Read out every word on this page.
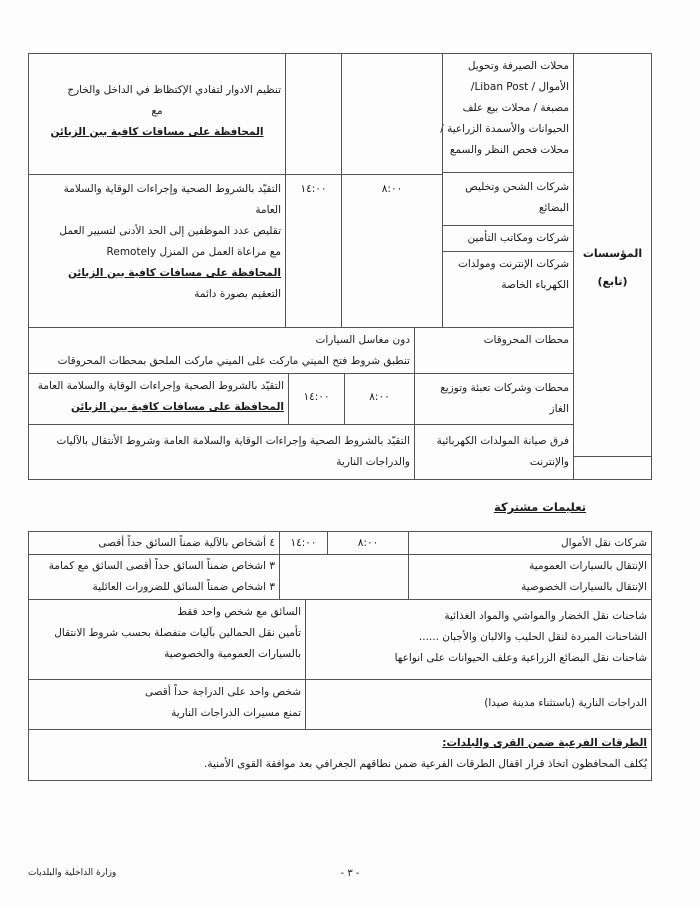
المؤسسات
(تابع)
محلات الصيرفة وتحويل
الأموال / Liban Post/
مصبغة / محلات بيع علف
الحيوانات والأسمدة الزراعية /
محلات فحص النظر والسمع
تنظيم الادوار لتفادي الإكتظاظ في الداخل والخارج
مع
المحافظة على مسافات كافية بين الزبائن
شركات الشحن وتخليص
البضائع
شركات ومكاتب التأمين
شركات الإنترنت ومولدات
الكهرباء الخاصة
٨:٠٠
١٤:٠٠
التقيّد بالشروط الصحية وإجراءات الوقاية والسلامة
العامة
تقليص عدد الموظفين إلى الحد الأدنى لتسيير العمل
مع مراعاة العمل من المنزل Remotely
المحافظة على مسافات كافية بين الزبائن
التعقيم بصورة دائمة
محطات المحروقات
دون مغاسل السيارات
تنطبق شروط فتح الميني ماركت على الميني ماركت الملحق بمحطات المحروقات
محطات وشركات تعبئة وتوزيع
الغاز
٨:٠٠
١٤:٠٠
التقيّد بالشروط الصحية وإجراءات الوقاية والسلامة العامة
المحافظة على مسافات كافية بين الزبائن
فرق صيانة المولدات الكهربائية
والإنترنت
التقيّد بالشروط الصحية وإجراءات الوقاية والسلامة العامة وشروط الأنتقال بالآليات
والدراجات النارية
تعليمات مشتركة
شركات نقل الأموال
٨:٠٠
١٤:٠٠
٤ أشخاص بالآلية ضمناً السائق حداً أقصى
الإنتقال بالسيارات العمومية
الإنتقال بالسيارات الخصوصية
٣ اشخاص ضمناً السائق حداً أقصى السائق مع كمامة
٣ اشخاص ضمناً السائق للضرورات العائلية
شاحنات نقل الخضار والمواشي والمواد الغذائية
الشاحنات المبردة لنقل الحليب والالبان والأجبان ......
شاحنات نقل البضائع الزراعية وعلف الحيوانات على انواعها
السائق مع شخص واحد فقط
تأمين نقل الحمالين بآليات منفصلة بحسب شروط الانتقال
بالسيارات العمومية والخصوصية
الدراجات النارية (باستثناء مدينة صيدا)
شخص واحد على الدراجة حداً أقصى
تمنع مسيرات الدراجات النارية
الطرقات الفرعية ضمن القرى والبلدات:
يُكلف المحافظون اتخاذ قرار اقفال الطرقات الفرعية ضمن نطاقهم الجغرافي بعد موافقة القوى الأمنية.
- ٣ -
وزارة الداخلية والبلديات
